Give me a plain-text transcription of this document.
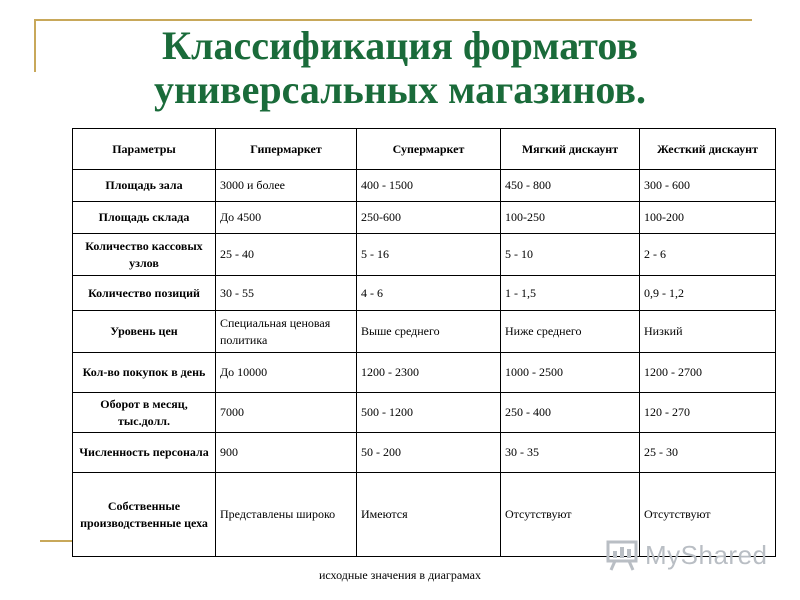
Классификация форматов
универсальных магазинов.
Параметры	Гипермаркет	Супермаркет	Мягкий дискаунт	Жесткий дискаунт
Площадь зала	3000 и более	400 - 1500	450 - 800	300 - 600
Площадь склада	До 4500	250-600	100-250	100-200
Количество кассовых узлов	25 - 40	5 - 16	5 - 10	2 - 6
Количество позиций	30 - 55	4 - 6	1 - 1,5	0,9 - 1,2
Уровень цен	Специальная ценовая политика	Выше среднего	Ниже среднего	Низкий
Кол-во покупок в день	До 10000	1200 - 2300	1000 - 2500	1200 - 2700
Оборот в месяц, тыс.долл.	7000	500 - 1200	250 - 400	120 - 270
Численность персонала	900	50 - 200	30 - 35	25 - 30
Собственные производственные цеха	Представлены широко	Имеются	Отсутствуют	Отсутствуют
MyShared
исходные значения в диаграмах
